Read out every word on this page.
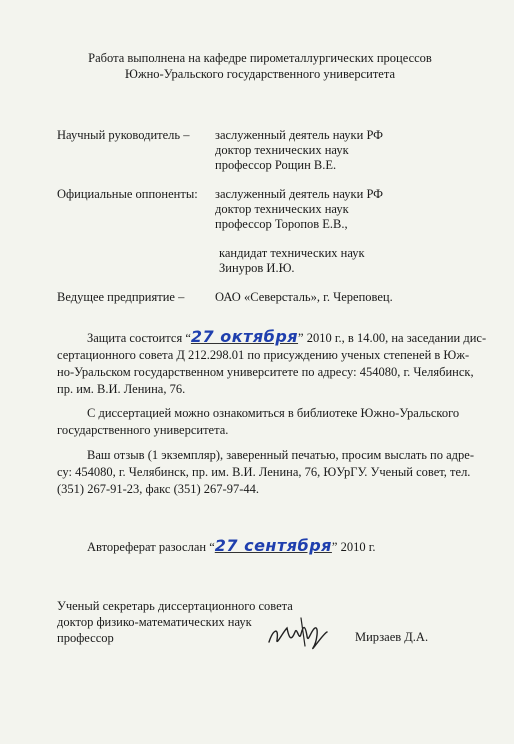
Работа выполнена на кафедре пирометаллургических процессов
Южно-Уральского государственного университета
Научный руководитель – заслуженный деятель науки РФ
доктор технических наук
профессор Рощин В.Е.
Официальные оппоненты: заслуженный деятель науки РФ
доктор технических наук
профессор Торопов Е.В.,
кандидат технических наук
Зинуров И.Ю.
Ведущее предприятие – ОАО «Северсталь», г. Череповец.
Защита состоится “27 октября” 2010 г., в 14.00, на заседании дис-
сертационного совета Д 212.298.01 по присуждению ученых степеней в Юж-
но-Уральском государственном университете по адресу: 454080, г. Челябинск,
пр. им. В.И. Ленина, 76.
С диссертацией можно ознакомиться в библиотеке Южно-Уральского
государственного университета.
Ваш отзыв (1 экземпляр), заверенный печатью, просим выслать по адре-
су: 454080, г. Челябинск, пр. им. В.И. Ленина, 76, ЮУрГУ. Ученый совет, тел.
(351) 267-91-23, факс (351) 267-97-44.
Автореферат разослан “27 сентября” 2010 г.
Ученый секретарь диссертационного совета
доктор физико-математических наук
профессор	Мирзаев Д.А.
